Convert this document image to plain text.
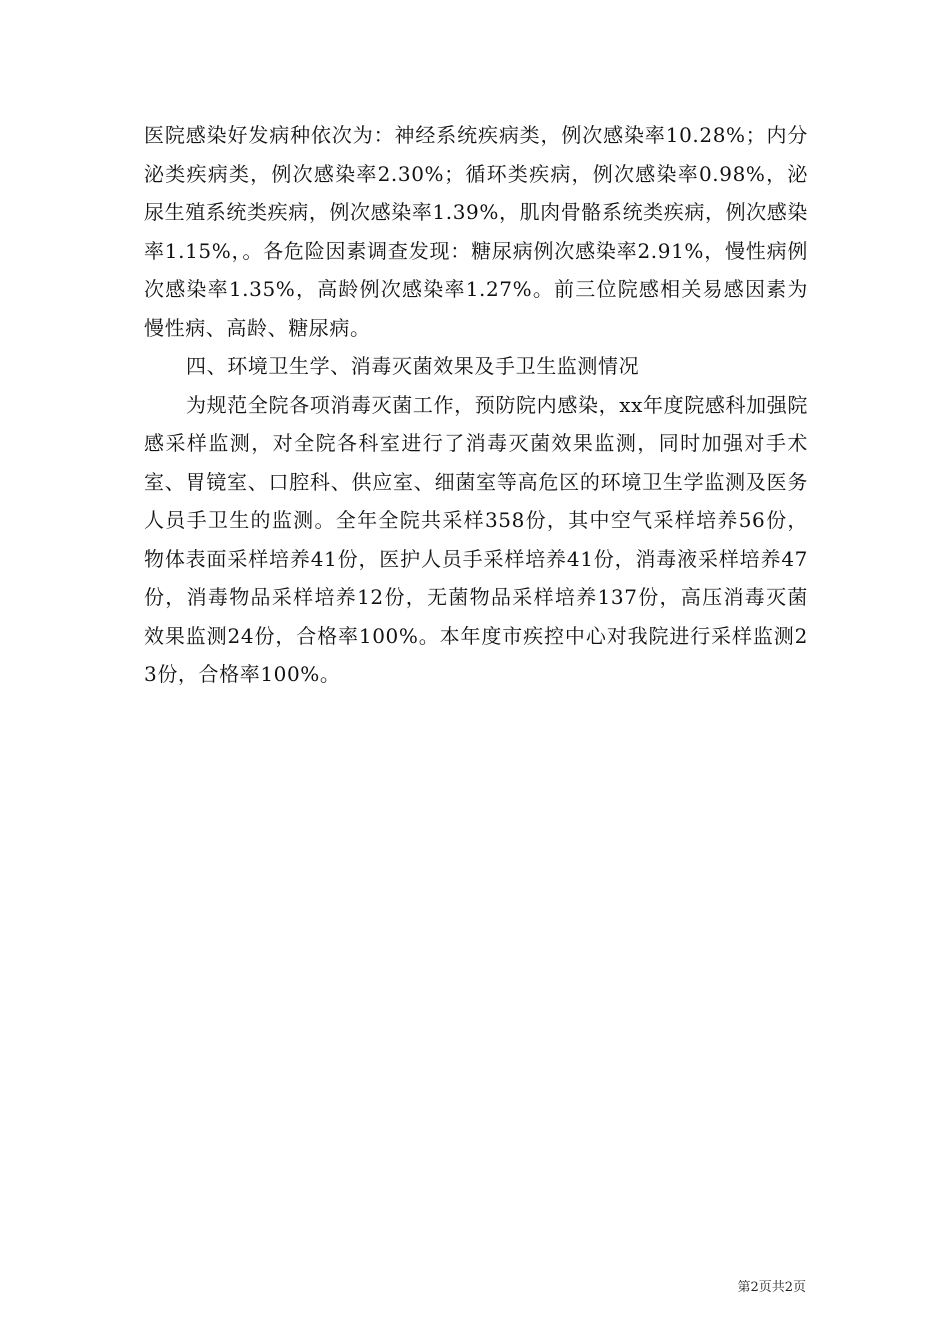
医院感染好发病种依次为：神经系统疾病类，例次感染率10.28%；内分泌类疾病类，例次感染率2.30%；循环类疾病，例次感染率0.98%，泌尿生殖系统类疾病，例次感染率1.39%，肌肉骨骼系统类疾病，例次感染率1.15%，。各危险因素调查发现：糖尿病例次感染率2.91%，慢性病例次感染率1.35%，高龄例次感染率1.27%。前三位院感相关易感因素为慢性病、高龄、糖尿病。

四、环境卫生学、消毒灭菌效果及手卫生监测情况

为规范全院各项消毒灭菌工作，预防院内感染，xx年度院感科加强院感采样监测，对全院各科室进行了消毒灭菌效果监测，同时加强对手术室、胃镜室、口腔科、供应室、细菌室等高危区的环境卫生学监测及医务人员手卫生的监测。全年全院共采样358份，其中空气采样培养56份，物体表面采样培养41份，医护人员手采样培养41份，消毒液采样培养47份，消毒物品采样培养12份，无菌物品采样培养137份，高压消毒灭菌效果监测24份，合格率100%。本年度市疾控中心对我院进行采样监测23份，合格率100%。

第2页共2页
